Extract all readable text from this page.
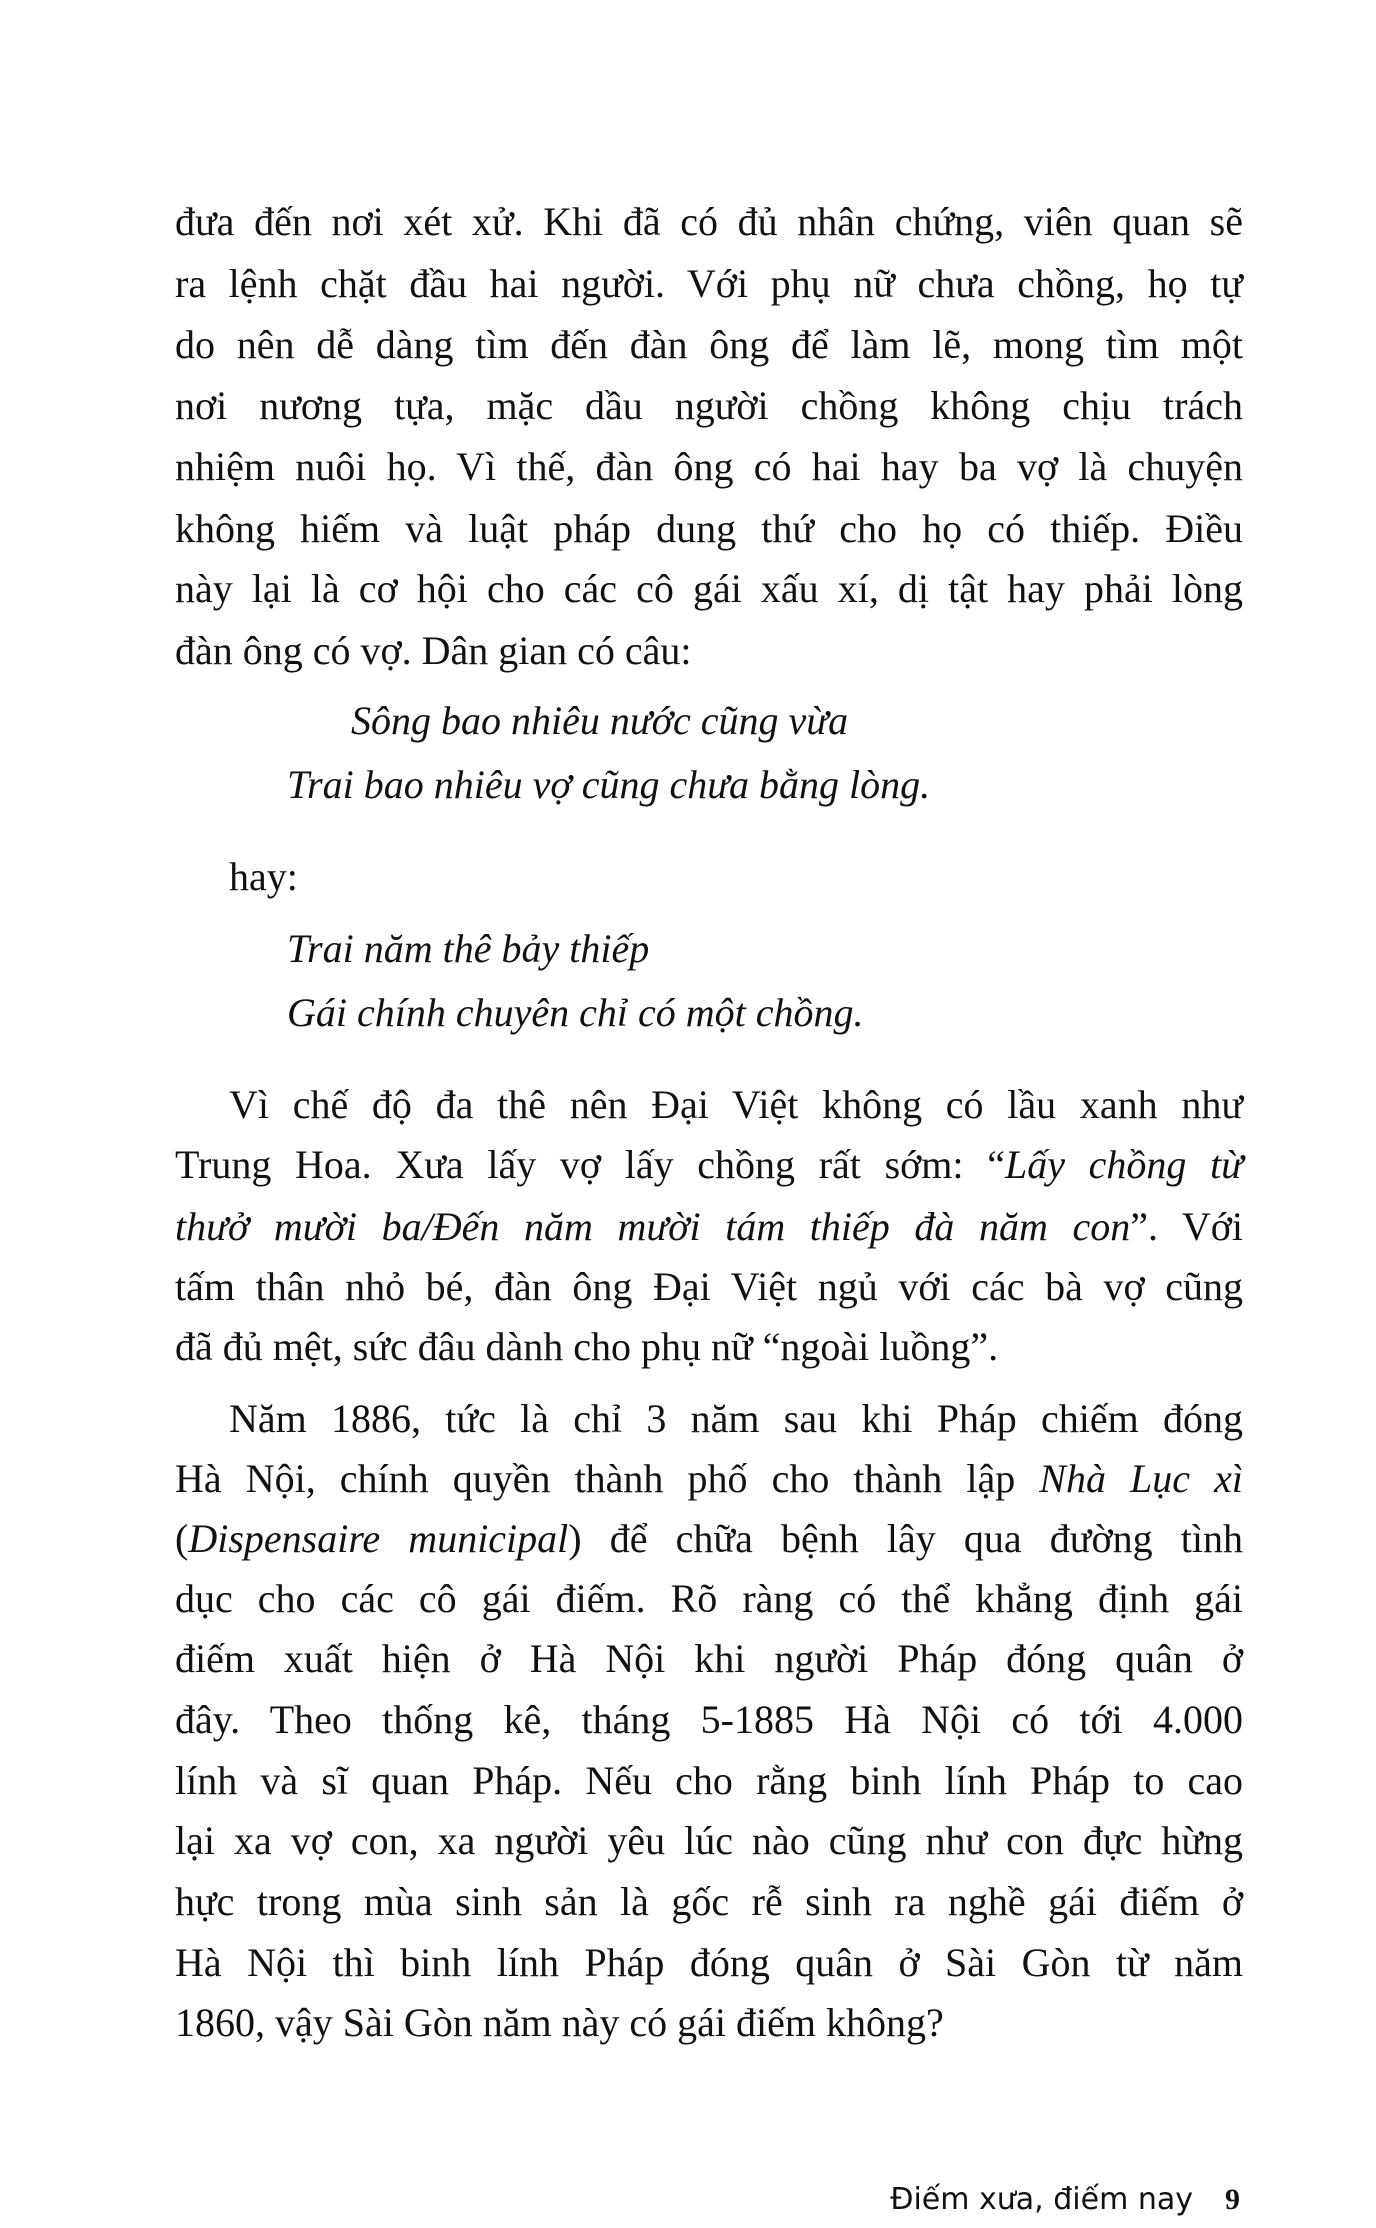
đưa đến nơi xét xử. Khi đã có đủ nhân chứng, viên quan sẽ
ra lệnh chặt đầu hai người. Với phụ nữ chưa chồng, họ tự
do nên dễ dàng tìm đến đàn ông để làm lẽ, mong tìm một
nơi nương tựa, mặc dầu người chồng không chịu trách
nhiệm nuôi họ. Vì thế, đàn ông có hai hay ba vợ là chuyện
không hiếm và luật pháp dung thứ cho họ có thiếp. Điều
này lại là cơ hội cho các cô gái xấu xí, dị tật hay phải lòng
đàn ông có vợ. Dân gian có câu:
Sông bao nhiêu nước cũng vừa
Trai bao nhiêu vợ cũng chưa bằng lòng.
hay:
Trai năm thê bảy thiếp
Gái chính chuyên chỉ có một chồng.
Vì chế độ đa thê nên Đại Việt không có lầu xanh như
Trung Hoa. Xưa lấy vợ lấy chồng rất sớm: “Lấy chồng từ
thưở mười ba/Đến năm mười tám thiếp đà năm con”. Với
tấm thân nhỏ bé, đàn ông Đại Việt ngủ với các bà vợ cũng
đã đủ mệt, sức đâu dành cho phụ nữ “ngoài luồng”.
Năm 1886, tức là chỉ 3 năm sau khi Pháp chiếm đóng
Hà Nội, chính quyền thành phố cho thành lập Nhà Lục xì
(Dispensaire municipal) để chữa bệnh lây qua đường tình
dục cho các cô gái điếm. Rõ ràng có thể khẳng định gái
điếm xuất hiện ở Hà Nội khi người Pháp đóng quân ở
đây. Theo thống kê, tháng 5-1885 Hà Nội có tới 4.000
lính và sĩ quan Pháp. Nếu cho rằng binh lính Pháp to cao
lại xa vợ con, xa người yêu lúc nào cũng như con đực hừng
hực trong mùa sinh sản là gốc rễ sinh ra nghề gái điếm ở
Hà Nội thì binh lính Pháp đóng quân ở Sài Gòn từ năm
1860, vậy Sài Gòn năm này có gái điếm không?
Điếm xưa, điếm nay 9
